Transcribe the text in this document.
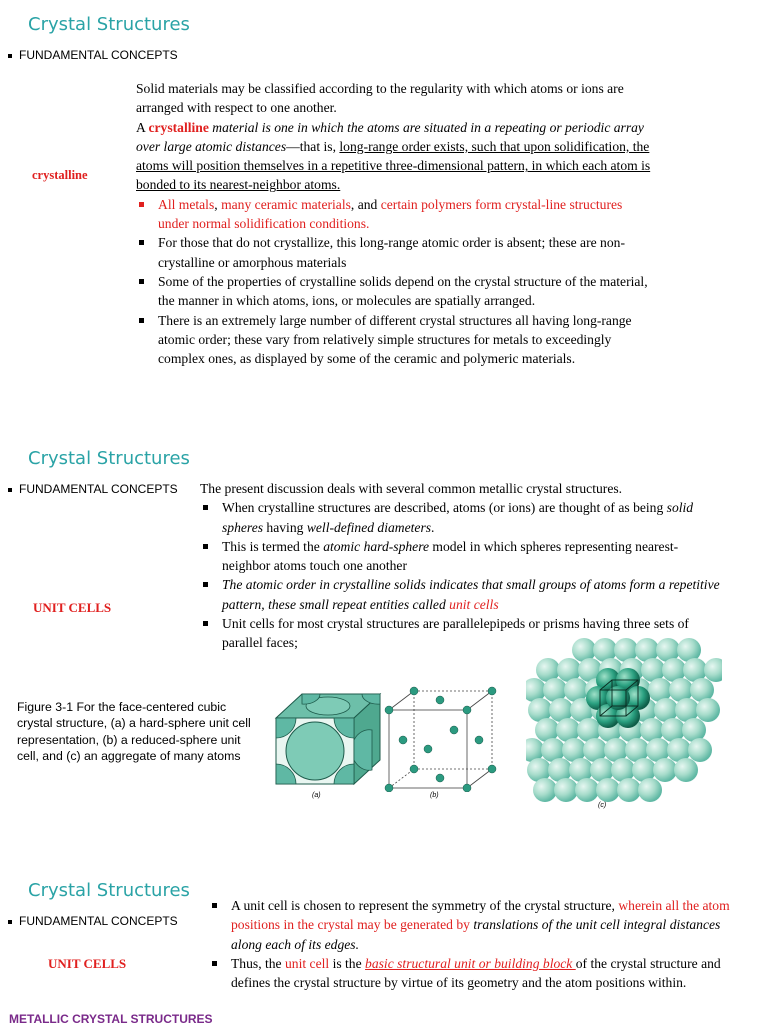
Crystal Structures
FUNDAMENTAL CONCEPTS
crystalline
Solid materials may be classified according to the regularity with which atoms or ions are arranged with respect to one another.
A crystalline material is one in which the atoms are situated in a repeating or periodic array over large atomic distances—that is, long-range order exists, such that upon solidification, the atoms will position themselves in a repetitive three-dimensional pattern, in which each atom is bonded to its nearest-neighbor atoms.
All metals, many ceramic materials, and certain polymers form crystal-line structures under normal solidification conditions.
For those that do not crystallize, this long-range atomic order is absent; these are non-crystalline or amorphous materials
Some of the properties of crystalline solids depend on the crystal structure of the material, the manner in which atoms, ions, or molecules are spatially arranged.
There is an extremely large number of different crystal structures all having long-range atomic order; these vary from relatively simple structures for metals to exceedingly complex ones, as displayed by some of the ceramic and polymeric materials.
Crystal Structures
FUNDAMENTAL CONCEPTS
UNIT CELLS
The present discussion deals with several common metallic crystal structures.
When crystalline structures are described, atoms (or ions) are thought of as being solid spheres having well-defined diameters.
This is termed the atomic hard-sphere model in which spheres representing nearest-neighbor atoms touch one another
The atomic order in crystalline solids indicates that small groups of atoms form a repetitive pattern, these small repeat entities called unit cells
Unit cells for most crystal structures are parallelepipeds or prisms having three sets of parallel faces;
Figure 3-1 For the face-centered cubic crystal structure, (a) a hard-sphere unit cell representation, (b) a reduced-sphere unit cell, and (c) an aggregate of many atoms
(a)	(b)
(c)
Crystal Structures
FUNDAMENTAL CONCEPTS
UNIT CELLS
METALLIC CRYSTAL STRUCTURES
A unit cell is chosen to represent the symmetry of the crystal structure, wherein all the atom positions in the crystal may be generated by translations of the unit cell integral distances along each of its edges.
Thus, the unit cell is the basic structural unit or building block of the crystal structure and defines the crystal structure by virtue of its geometry and the atom positions within.
